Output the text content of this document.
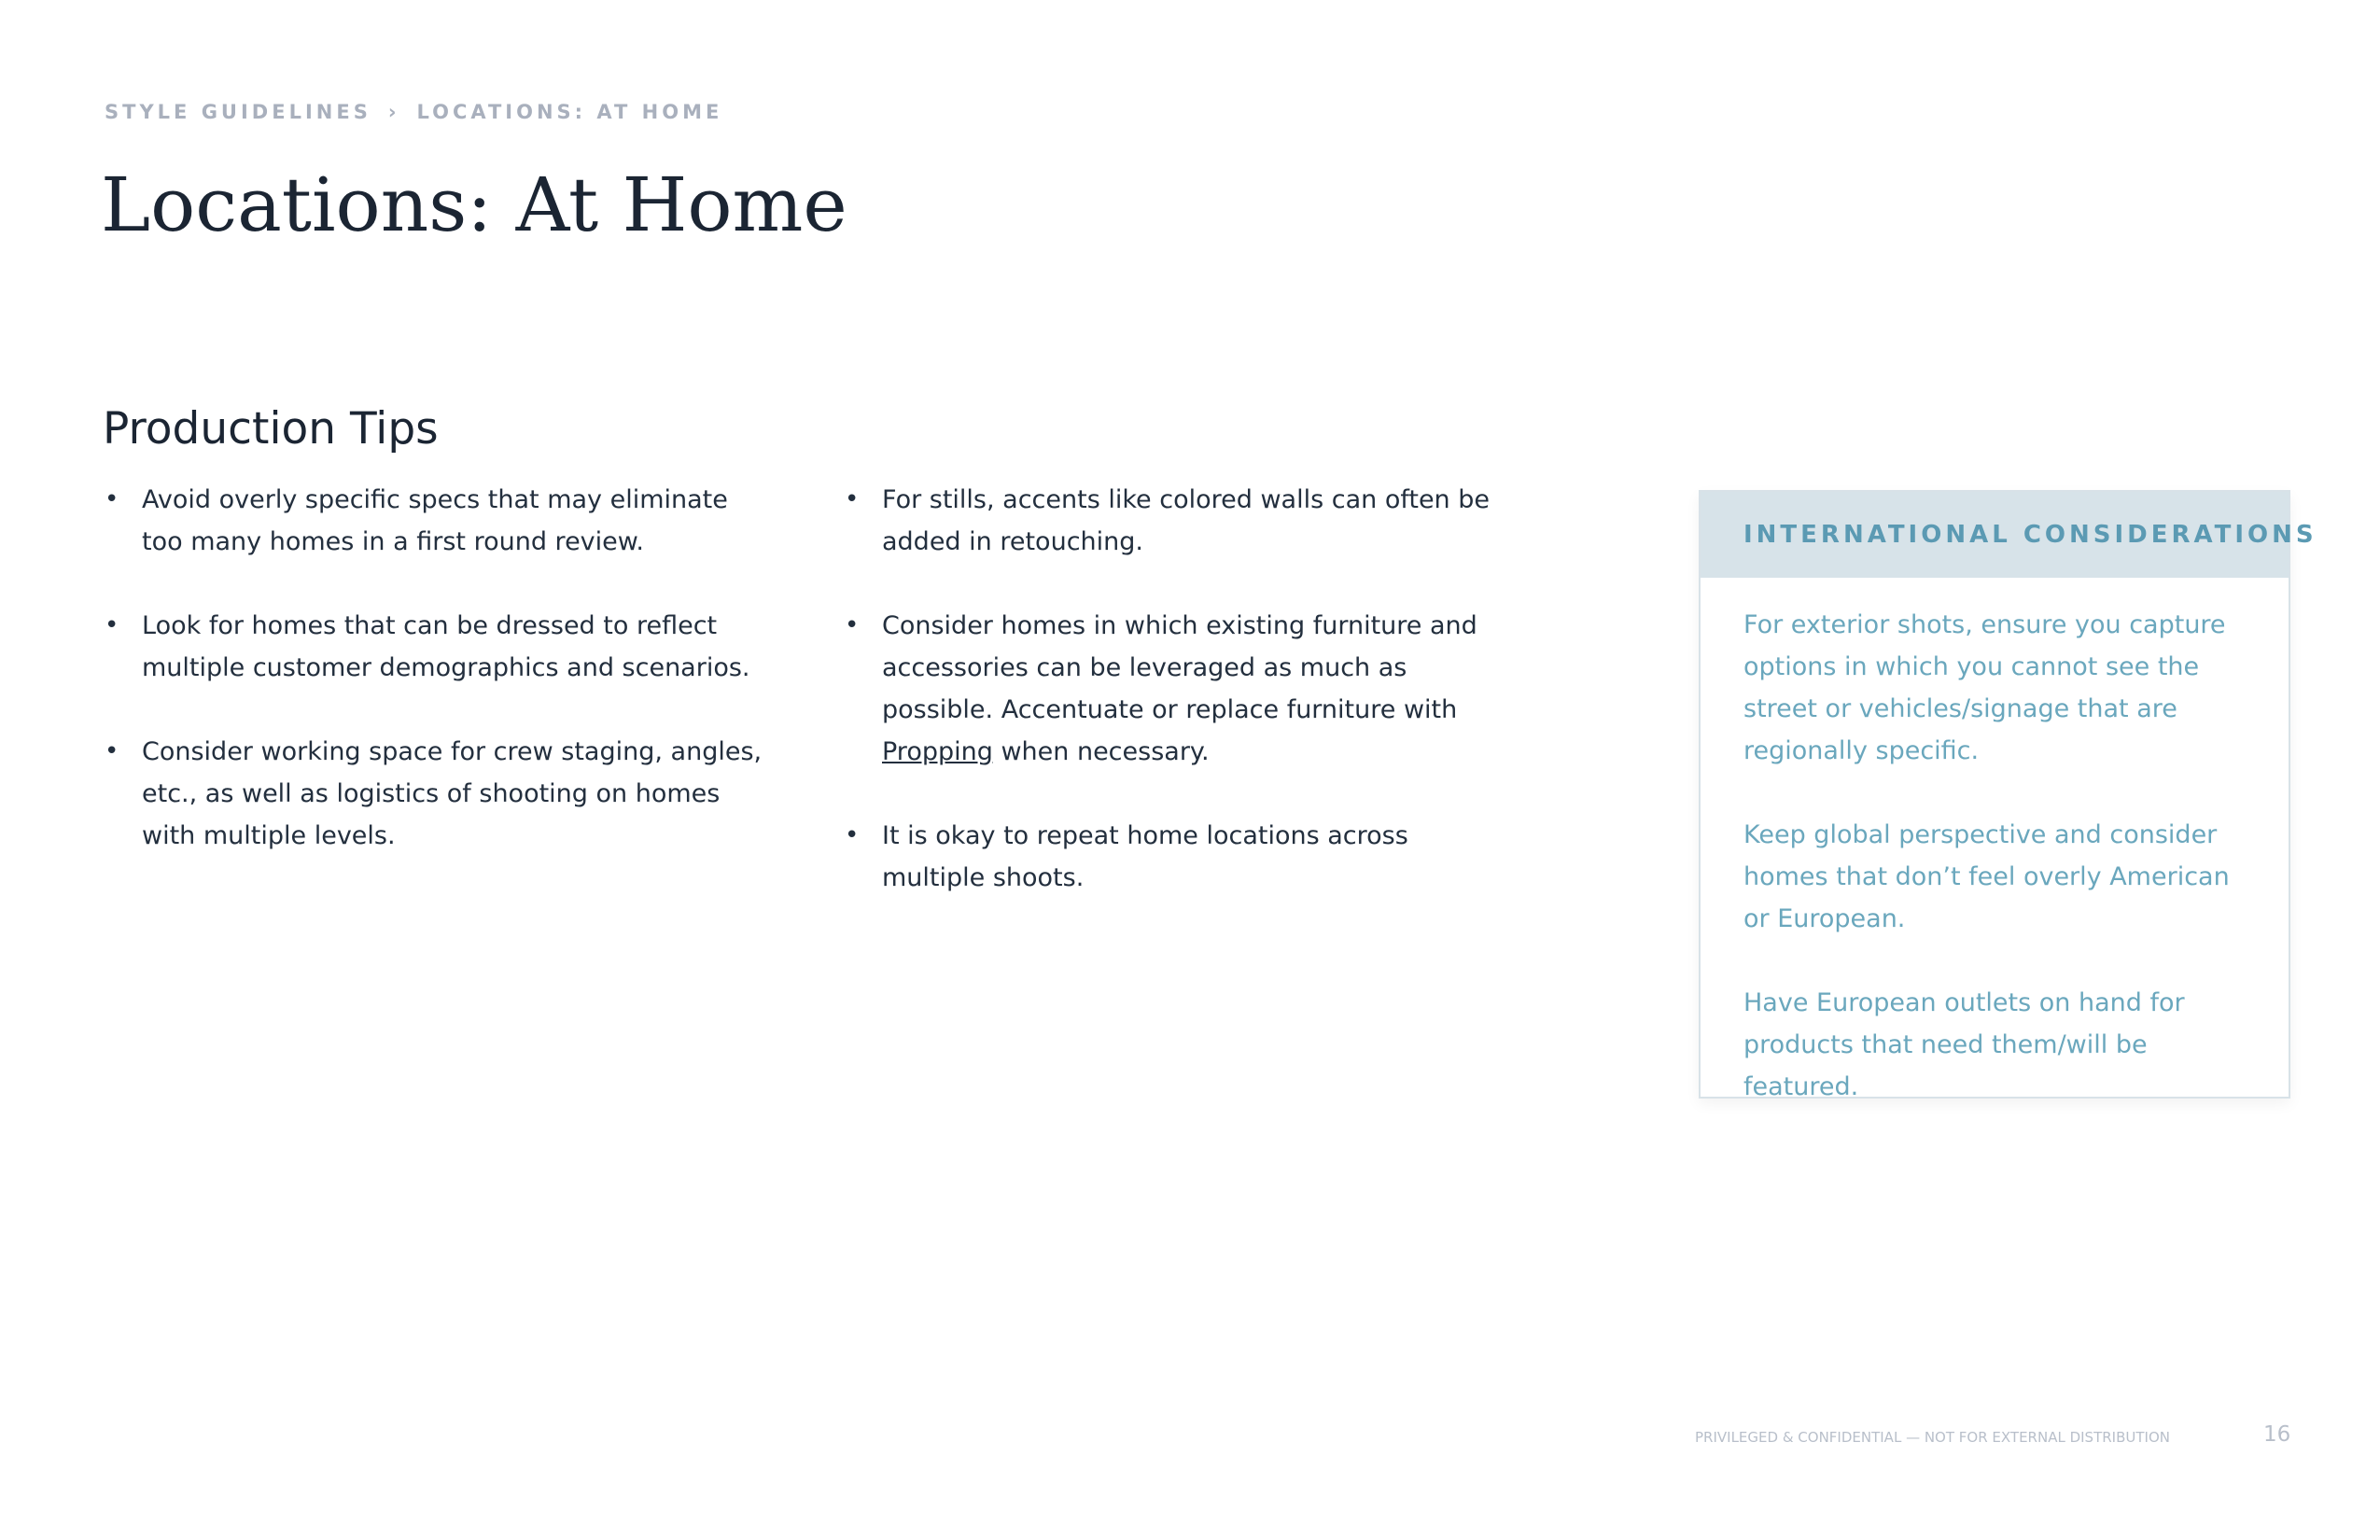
STYLE GUIDELINES › LOCATIONS: AT HOME
Locations: At Home
Production Tips
• Avoid overly specific specs that may eliminate too many homes in a first round review.
• Look for homes that can be dressed to reflect multiple customer demographics and scenarios.
• Consider working space for crew staging, angles, etc., as well as logistics of shooting on homes with multiple levels.
• For stills, accents like colored walls can often be added in retouching.
• Consider homes in which existing furniture and accessories can be leveraged as much as possible. Accentuate or replace furniture with Propping when necessary.
• It is okay to repeat home locations across multiple shoots.
INTERNATIONAL CONSIDERATIONS

For exterior shots, ensure you capture options in which you cannot see the street or vehicles/signage that are regionally specific.

Keep global perspective and consider homes that don’t feel overly American or European.

Have European outlets on hand for products that need them/will be featured.

PRIVILEGED & CONFIDENTIAL — NOT FOR EXTERNAL DISTRIBUTION	16
